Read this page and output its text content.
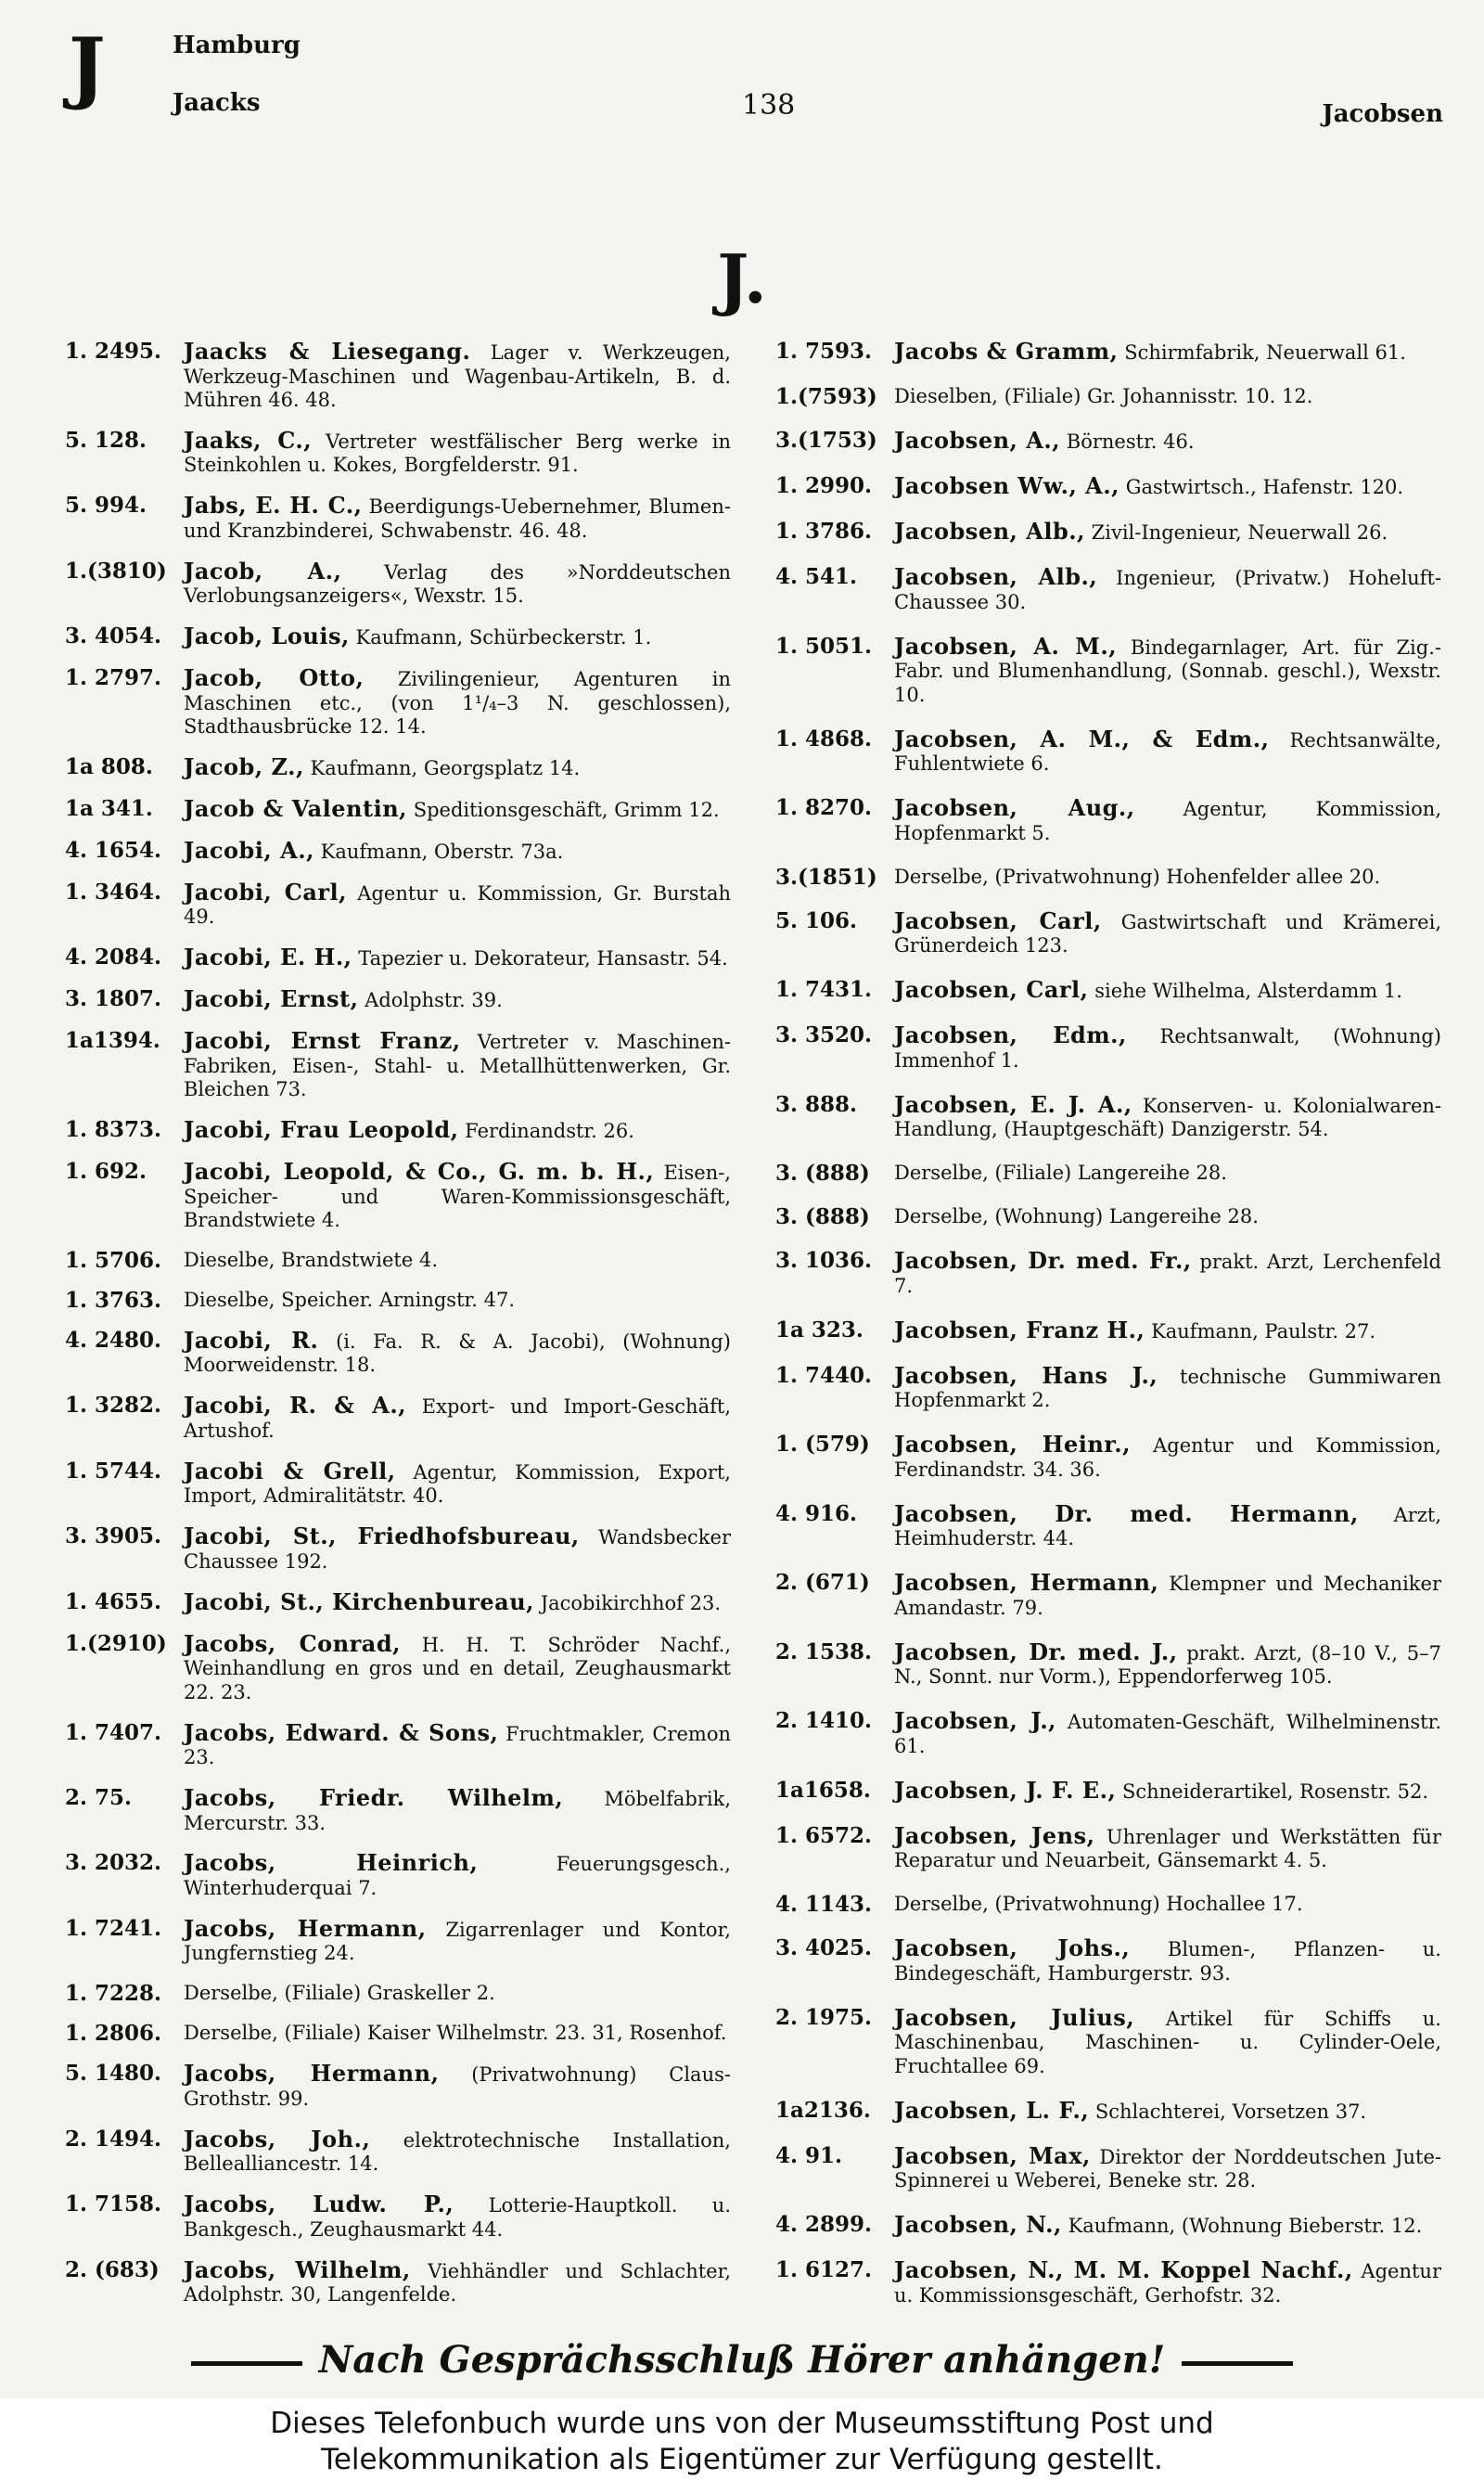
J	Hamburg
Jaacks	138	Jacobsen
J.
1. 2495. Jaacks & Liesegang. Lager v. Werkzeugen, Werkzeug-Maschinen und Wagenbau-Artikeln, B. d. Mühren 46. 48.
5. 128.	Jaaks, C., Vertreter westfälischer Berg werke in Steinkohlen u. Kokes, Borgfelderstr. 91.
5. 994.	Jabs, E. H. C., Beerdigungs-Uebernehmer, Blumen- und Kranzbinderei, Schwabenstr. 46. 48.
1.(3810) Jacob, A., Verlag des »Norddeutschen Verlobungsanzeigers«, Wexstr. 15.
3. 4054. Jacob, Louis, Kaufmann, Schürbeckerstr. 1.
1. 2797. Jacob, Otto, Zivilingenieur, Agenturen in Maschinen etc., (von 1¹/₄–3 N. geschlossen), Stadthausbrücke 12. 14.
1a 808.	Jacob, Z., Kaufmann, Georgsplatz 14.
1a 341.	Jacob & Valentin, Speditionsgeschäft, Grimm 12.
4. 1654. Jacobi, A., Kaufmann, Oberstr. 73a.
1. 3464. Jacobi, Carl, Agentur u. Kommission, Gr. Burstah 49.
4. 2084. Jacobi, E. H., Tapezier u. Dekorateur, Hansastr. 54.
3. 1807. Jacobi, Ernst, Adolphstr. 39.
1a1394.	Jacobi, Ernst Franz, Vertreter v. Maschinen-Fabriken, Eisen-, Stahl- u. Metallhüttenwerken, Gr. Bleichen 73.
1. 8373. Jacobi, Frau Leopold, Ferdinandstr. 26.
1. 692.	Jacobi, Leopold, & Co., G. m. b. H., Eisen-, Speicher- und Waren-Kommissionsgeschäft, Brandstwiete 4.
1. 5706.	Dieselbe, Brandstwiete 4.
1. 3763.	Dieselbe, Speicher. Arningstr. 47.
4. 2480. Jacobi, R. (i. Fa. R. & A. Jacobi), (Wohnung) Moorweidenstr. 18.
1. 3282. Jacobi, R. & A., Export- und Import-Geschäft, Artushof.
1. 5744. Jacobi & Grell, Agentur, Kommission, Export, Import, Admiralitätstr. 40.
3. 3905. Jacobi, St., Friedhofsbureau, Wandsbecker Chaussee 192.
1. 4655. Jacobi, St., Kirchenbureau, Jacobikirchhof 23.
1.(2910) Jacobs, Conrad, H. H. T. Schröder Nachf., Weinhandlung en gros und en detail, Zeughausmarkt 22. 23.
1. 7407. Jacobs, Edward. & Sons, Fruchtmakler, Cremon 23.
2. 75.	Jacobs, Friedr. Wilhelm, Möbelfabrik, Mercurstr. 33.
3. 2032. Jacobs, Heinrich,	Feuerungsgesch., Winterhuderquai 7.
1. 7241. Jacobs, Hermann, Zigarrenlager und Kontor, Jungfernstieg 24.
1. 7228.	Derselbe, (Filiale) Graskeller 2.
1. 2806.	Derselbe, (Filiale) Kaiser Wilhelmstr. 23. 31, Rosenhof.
5. 1480. Jacobs, Hermann, (Privatwohnung) Claus-Grothstr. 99.
2. 1494. Jacobs, Joh., elektrotechnische Installation, Bellealliancestr. 14.
1. 7158. Jacobs, Ludw. P., Lotterie-Hauptkoll. u. Bankgesch., Zeughausmarkt 44.
2. (683)	Jacobs, Wilhelm, Viehhändler und Schlachter, Adolphstr. 30, Langenfelde.
1. 7593. Jacobs & Gramm, Schirmfabrik, Neuerwall 61.
1.(7593) Dieselben, (Filiale) Gr. Johannisstr. 10. 12.
3.(1753) Jacobsen, A., Börnestr. 46.
1. 2990. Jacobsen Ww., A., Gastwirtsch., Hafenstr. 120.
1. 3786. Jacobsen, Alb., Zivil-Ingenieur, Neuerwall 26.
4. 541.	Jacobsen, Alb., Ingenieur, (Privatw.) Hoheluft-Chaussee 30.
1. 5051. Jacobsen, A. M., Bindegarnlager, Art. für Zig.-Fabr. und Blumenhandlung, (Sonnab. geschl.), Wexstr. 10.
1. 4868. Jacobsen, A. M., & Edm., Rechtsanwälte, Fuhlentwiete 6.
1. 8270. Jacobsen, Aug., Agentur, Kommission, Hopfenmarkt 5.
3.(1851) Derselbe, (Privatwohnung) Hohenfelder allee 20.
5. 106.	Jacobsen, Carl, Gastwirtschaft und Krämerei, Grünerdeich 123.
1. 7431. Jacobsen, Carl, siehe Wilhelma, Alsterdamm 1.
3. 3520. Jacobsen, Edm., Rechtsanwalt, (Wohnung) Immenhof 1.
3. 888.	Jacobsen, E. J. A., Konserven- u. Kolonialwaren-Handlung, (Hauptgeschäft) Danzigerstr. 54.
3. (888)	Derselbe, (Filiale) Langereihe 28.
3. (888)	Derselbe, (Wohnung) Langereihe 28.
3. 1036. Jacobsen, Dr. med. Fr., prakt. Arzt, Lerchenfeld 7.
1a 323.	Jacobsen, Franz H., Kaufmann, Paulstr. 27.
1. 7440. Jacobsen, Hans J., technische Gummiwaren Hopfenmarkt 2.
1. (579)	Jacobsen, Heinr., Agentur und Kommission, Ferdinandstr. 34. 36.
4. 916.	Jacobsen, Dr. med. Hermann, Arzt, Heimhuderstr. 44.
2. (671)	Jacobsen, Hermann, Klempner und Mechaniker Amandastr. 79.
2. 1538. Jacobsen, Dr. med. J., prakt. Arzt, (8–10 V., 5–7 N., Sonnt. nur Vorm.), Eppendorferweg 105.
2. 1410. Jacobsen, J., Automaten-Geschäft, Wilhelminenstr. 61.
1a1658.	Jacobsen, J. F. E., Schneiderartikel, Rosenstr. 52.
1. 6572. Jacobsen, Jens, Uhrenlager und Werkstätten für Reparatur und Neuarbeit, Gänsemarkt 4. 5.
4. 1143.	Derselbe, (Privatwohnung) Hochallee 17.
3. 4025. Jacobsen, Johs., Blumen-, Pflanzen- u. Bindegeschäft, Hamburgerstr. 93.
2. 1975. Jacobsen, Julius, Artikel für Schiffs u. Maschinenbau, Maschinen- u. Cylinder-Oele, Fruchtallee 69.
1a2136.	Jacobsen, L. F., Schlachterei, Vorsetzen 37.
4. 91.	Jacobsen, Max, Direktor der Norddeutschen Jute-Spinnerei u Weberei, Beneke str. 28.
4. 2899. Jacobsen, N., Kaufmann, (Wohnung Bieberstr. 12.
1. 6127. Jacobsen, N., M. M. Koppel Nachf., Agentur u. Kommissionsgeschäft, Gerhofstr. 32.
Nach Gesprächsschluß Hörer anhängen!
Dieses Telefonbuch wurde uns von der Museumsstiftung Post und
Telekommunikation als Eigentümer zur Verfügung gestellt.
